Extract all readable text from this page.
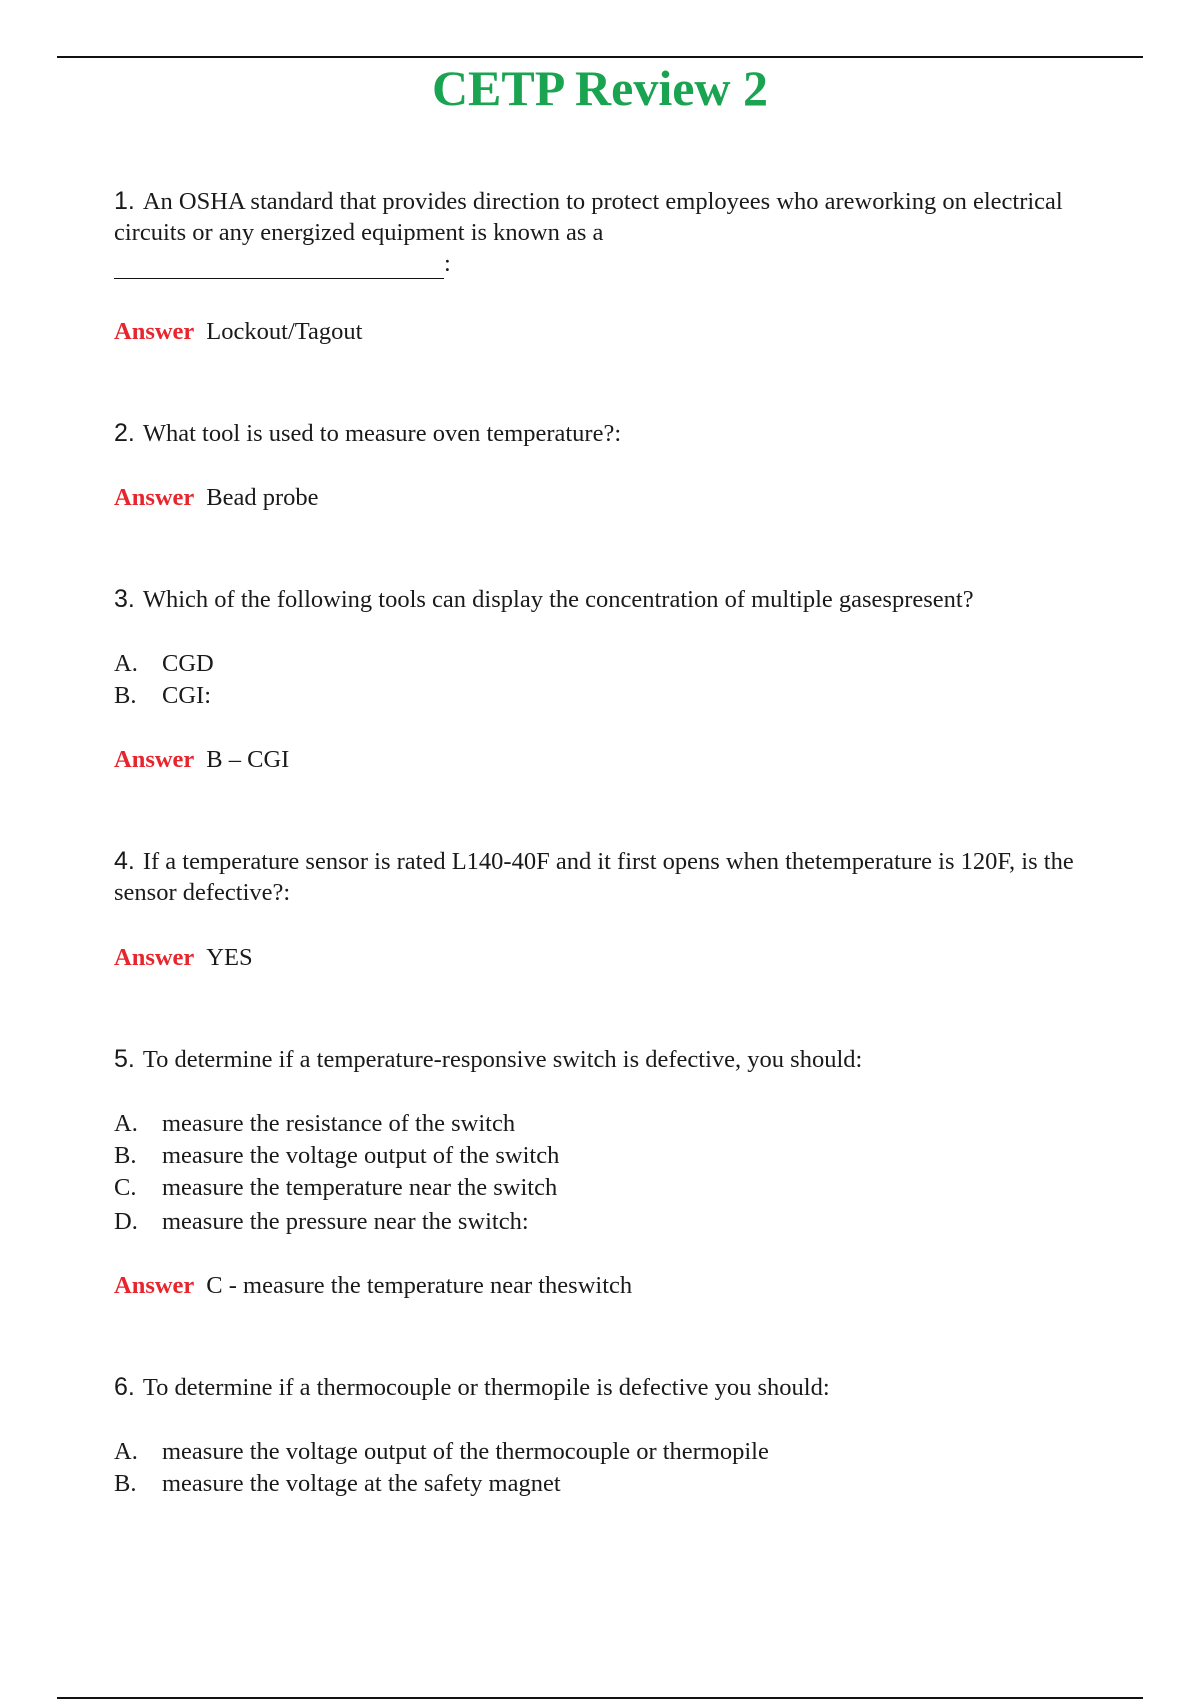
CETP Review 2
1. An OSHA standard that provides direction to protect employees who areworking on electrical circuits or any energized equipment is known as a
:
Answer Lockout/Tagout
2. What tool is used to measure oven temperature?:
Answer Bead probe
3. Which of the following tools can display the concentration of multiple gasespresent?
A. CGD
B. CGI:
Answer B – CGI
4. If a temperature sensor is rated L140-40F and it first opens when thetemperature is 120F, is the sensor defective?:
Answer YES
5. To determine if a temperature-responsive switch is defective, you should:
A. measure the resistance of the switch
B. measure the voltage output of the switch
C. measure the temperature near the switch
D. measure the pressure near the switch:
Answer C - measure the temperature near theswitch
6. To determine if a thermocouple or thermopile is defective you should:
A. measure the voltage output of the thermocouple or thermopile
B. measure the voltage at the safety magnet
